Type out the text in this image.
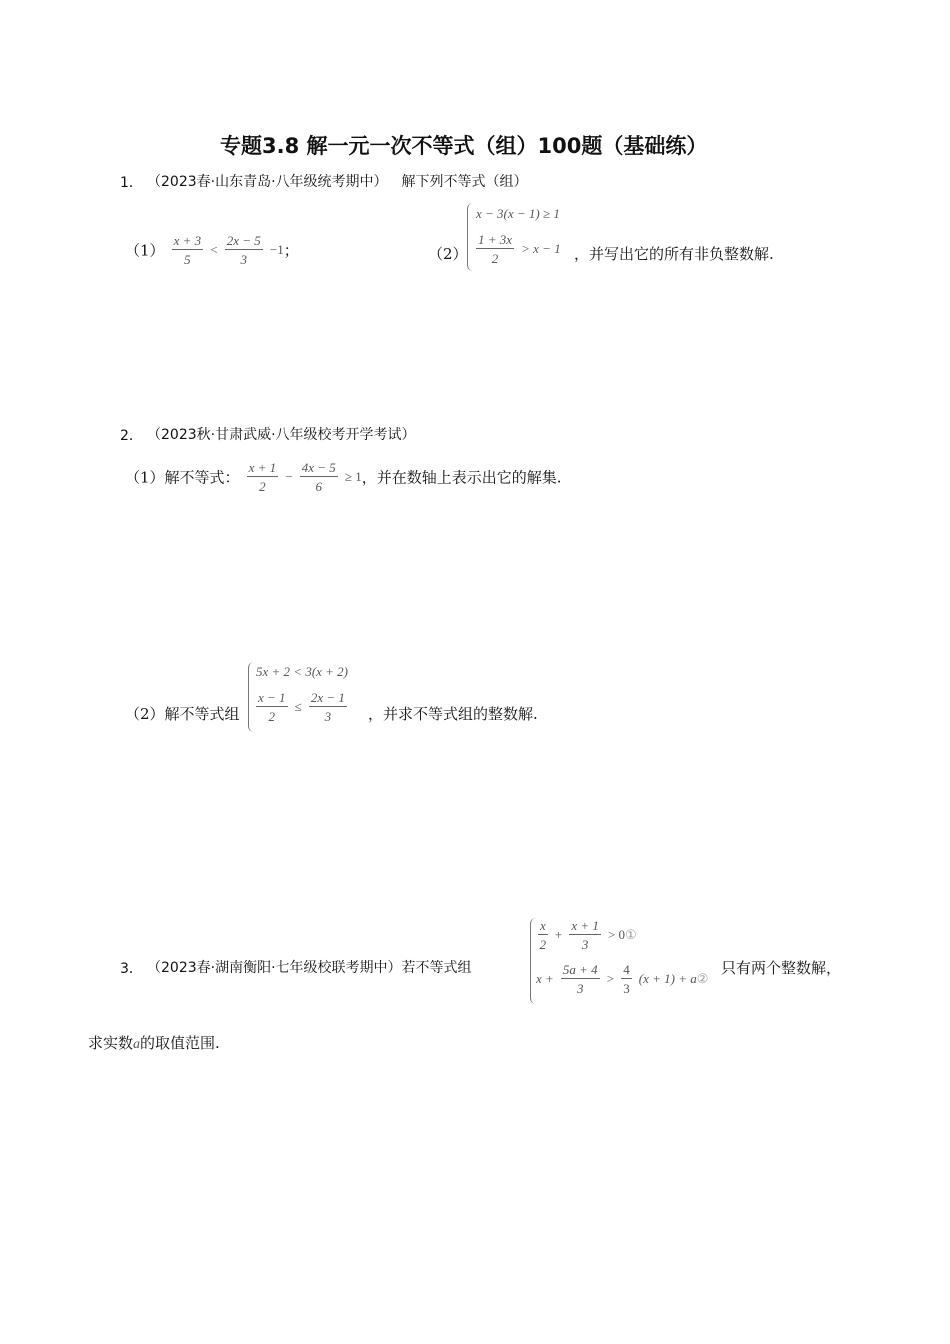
专题3.8 解一元一次不等式（组）100题（基础练）
1． （2023春·山东青岛·八年级统考期中） 解下列不等式（组）
$(1) \frac{x + 3}{5} < \frac{2x - 5}{3} -1$；	（2）
x − 3(x − 1) ≥ 1
$\frac{1 + 3x}{2} > x - 1$ ，并写出它的所有非负整数解.
2． （2023秋·甘肃武威·八年级校考开学考试）
（1）解不等式： $\frac{x + 1}{2} - \frac{4x - 5}{6} \ge 1$，并在数轴上表示出它的解集.
（2）解不等式组
5x + 2 < 3(x + 2)
$\frac{x - 1}{2} \le \frac{2x - 1}{3}$ ，并求不等式组的整数解.
3． （2023春·湖南衡阳·七年级校联考期中）若不等式组
$\frac{x}{2} + \frac{x + 1}{3}$ > 0①
$x + \frac{5a + 4}{3} > \frac{4}{3} (x + 1)$ + a②
只有两个整数解，
求实数a的取值范围.
